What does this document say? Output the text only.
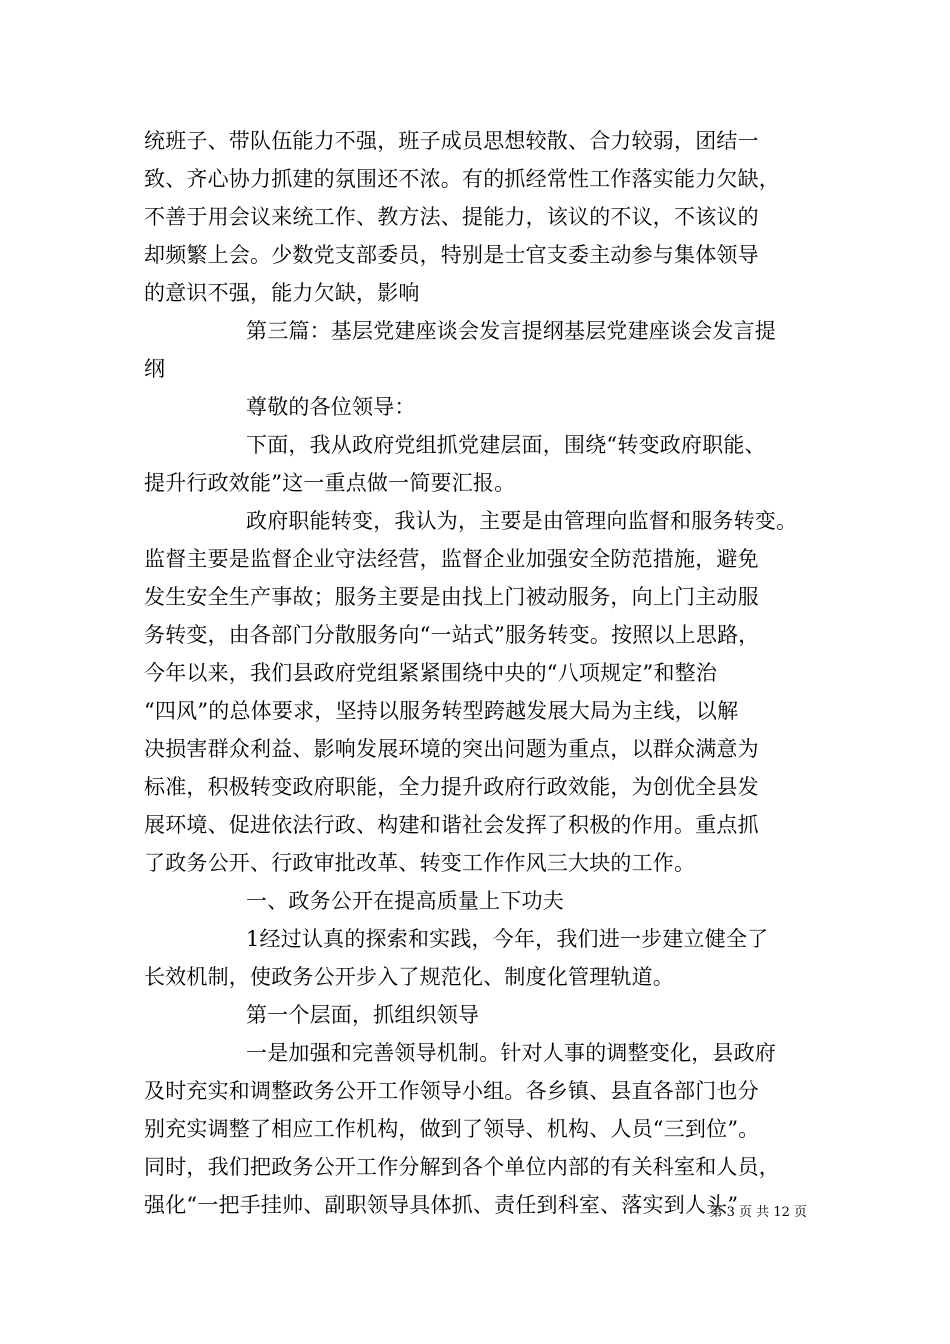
统班子、带队伍能力不强，班子成员思想较散、合力较弱，团结一
致、齐心协力抓建的氛围还不浓。有的抓经常性工作落实能力欠缺，
不善于用会议来统工作、教方法、提能力，该议的不议，不该议的
却频繁上会。少数党支部委员，特别是士官支委主动参与集体领导
的意识不强，能力欠缺，影响
第三篇：基层党建座谈会发言提纲基层党建座谈会发言提
纲
尊敬的各位领导：
下面，我从政府党组抓党建层面，围绕“转变政府职能、
提升行政效能”这一重点做一简要汇报。
政府职能转变，我认为，主要是由管理向监督和服务转变。
监督主要是监督企业守法经营，监督企业加强安全防范措施，避免
发生安全生产事故；服务主要是由找上门被动服务，向上门主动服
务转变，由各部门分散服务向“一站式”服务转变。按照以上思路，
今年以来，我们县政府党组紧紧围绕中央的“八项规定”和整治
“四风”的总体要求，坚持以服务转型跨越发展大局为主线，以解
决损害群众利益、影响发展环境的突出问题为重点，以群众满意为
标准，积极转变政府职能，全力提升政府行政效能，为创优全县发
展环境、促进依法行政、构建和谐社会发挥了积极的作用。重点抓
了政务公开、行政审批改革、转变工作作风三大块的工作。
一、政务公开在提高质量上下功夫
1经过认真的探索和实践，今年，我们进一步建立健全了
长效机制，使政务公开步入了规范化、制度化管理轨道。
第一个层面，抓组织领导
一是加强和完善领导机制。针对人事的调整变化，县政府
及时充实和调整政务公开工作领导小组。各乡镇、县直各部门也分
别充实调整了相应工作机构，做到了领导、机构、人员“三到位”。
同时，我们把政务公开工作分解到各个单位内部的有关科室和人员，
强化“一把手挂帅、副职领导具体抓、责任到科室、落实到人头”
第 3 页 共 12 页
